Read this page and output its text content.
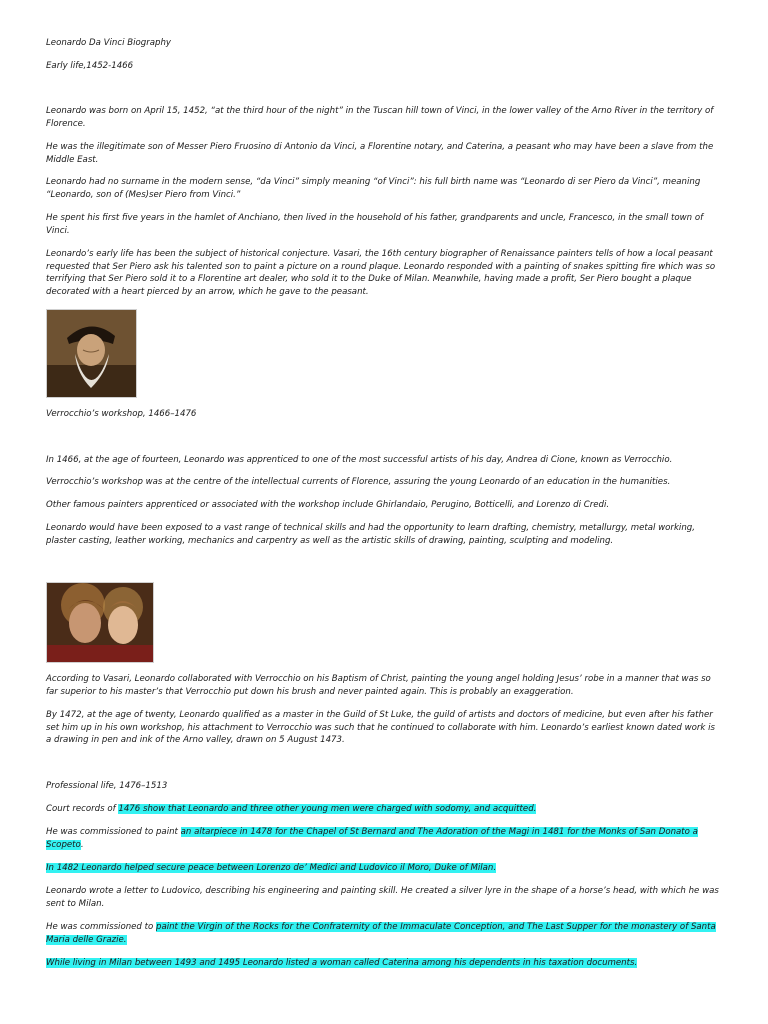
Leonardo Da Vinci Biography

Early life,1452-1466

Leonardo was born on April 15, 1452, “at the third hour of the night” in the Tuscan hill town of Vinci, in the lower valley of the Arno River in the territory of Florence.

He was the illegitimate son of Messer Piero Fruosino di Antonio da Vinci, a Florentine notary, and Caterina, a peasant who may have been a slave from the Middle East.

Leonardo had no surname in the modern sense, “da Vinci” simply meaning “of Vinci”: his full birth name was “Leonardo di ser Piero da Vinci”, meaning “Leonardo, son of (Mes)ser Piero from Vinci.”

He spent his first five years in the hamlet of Anchiano, then lived in the household of his father, grandparents and uncle, Francesco, in the small town of Vinci.

Leonardo’s early life has been the subject of historical conjecture. Vasari, the 16th century biographer of Renaissance painters tells of how a local peasant requested that Ser Piero ask his talented son to paint a picture on a round plaque. Leonardo responded with a painting of snakes spitting fire which was so terrifying that Ser Piero sold it to a Florentine art dealer, who sold it to the Duke of Milan. Meanwhile, having made a profit, Ser Piero bought a plaque decorated with a heart pierced by an arrow, which he gave to the peasant.

Verrocchio’s workshop, 1466–1476

In 1466, at the age of fourteen, Leonardo was apprenticed to one of the most successful artists of his day, Andrea di Cione, known as Verrocchio.

Verrocchio’s workshop was at the centre of the intellectual currents of Florence, assuring the young Leonardo of an education in the humanities.

Other famous painters apprenticed or associated with the workshop include Ghirlandaio, Perugino, Botticelli, and Lorenzo di Credi.

Leonardo would have been exposed to a vast range of technical skills and had the opportunity to learn drafting, chemistry, metallurgy, metal working, plaster casting, leather working, mechanics and carpentry as well as the artistic skills of drawing, painting, sculpting and modeling.

According to Vasari, Leonardo collaborated with Verrocchio on his Baptism of Christ, painting the young angel holding Jesus’ robe in a manner that was so far superior to his master’s that Verrocchio put down his brush and never painted again. This is probably an exaggeration.

By 1472, at the age of twenty, Leonardo qualified as a master in the Guild of St Luke, the guild of artists and doctors of medicine, but even after his father set him up in his own workshop, his attachment to Verrocchio was such that he continued to collaborate with him. Leonardo’s earliest known dated work is a drawing in pen and ink of the Arno valley, drawn on 5 August 1473.

Professional life, 1476–1513

Court records of 1476 show that Leonardo and three other young men were charged with sodomy, and acquitted.

He was commissioned to paint an altarpiece in 1478 for the Chapel of St Bernard and The Adoration of the Magi in 1481 for the Monks of San Donato a Scopeto.

In 1482 Leonardo helped secure peace between Lorenzo de’ Medici and Ludovico il Moro, Duke of Milan.

Leonardo wrote a letter to Ludovico, describing his engineering and painting skill. He created a silver lyre in the shape of a horse’s head, with which he was sent to Milan.

He was commissioned to paint the Virgin of the Rocks for the Confraternity of the Immaculate Conception, and The Last Supper for the monastery of Santa Maria delle Grazie.

While living in Milan between 1493 and 1495 Leonardo listed a woman called Caterina among his dependents in his taxation documents.
